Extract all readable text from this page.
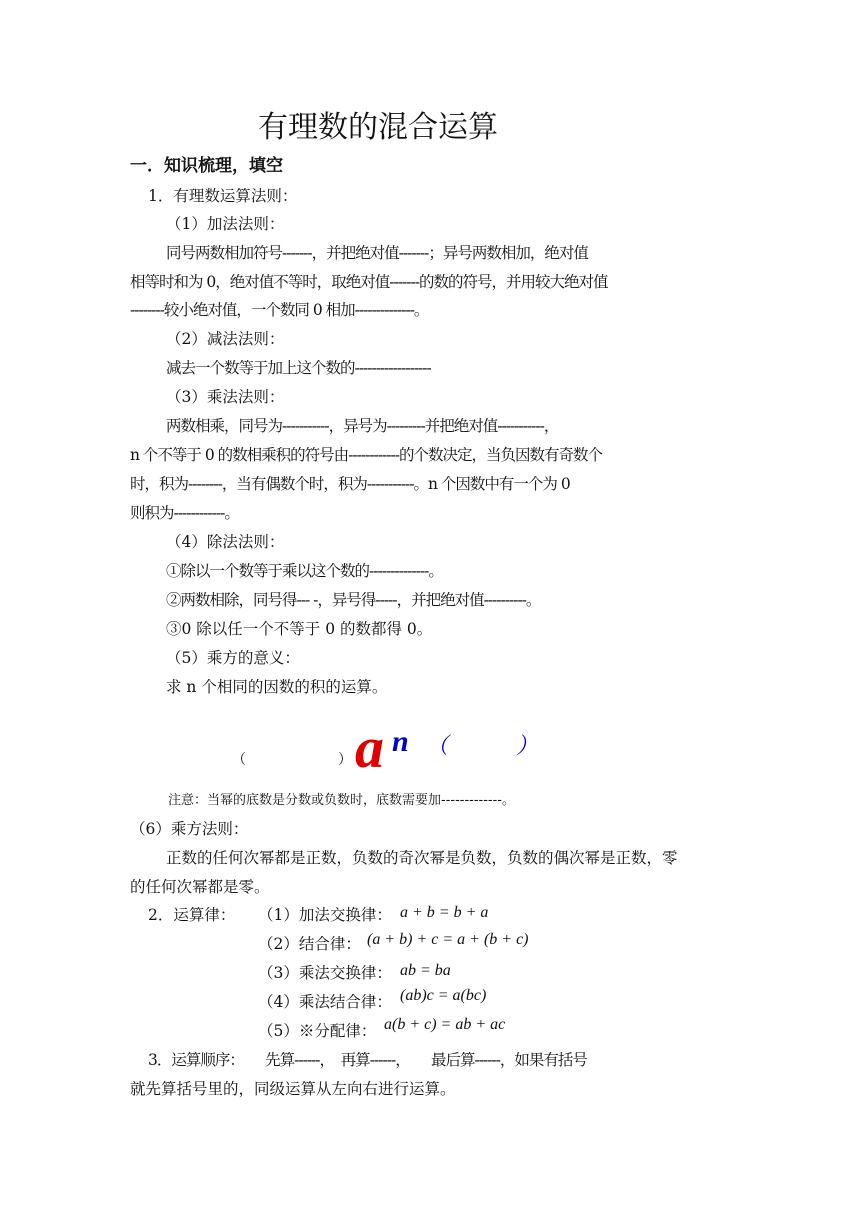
有理数的混合运算
一．知识梳理，填空
1．有理数运算法则：
（1）加法法则：
同号两数相加符号-------，并把绝对值-------；异号两数相加，绝对值
相等时和为 0，绝对值不等时，取绝对值-------的数的符号，并用较大绝对值
--------较小绝对值，一个数同 0 相加--------------。
（2）减法法则：
减去一个数等于加上这个数的------------------
（3）乘法法则：
两数相乘，同号为-----------，异号为---------并把绝对值-----------，
n 个不等于 0 的数相乘积的符号由------------的个数决定，当负因数有奇数个
时，积为--------，当有偶数个时，积为-----------。n 个因数中有一个为 0
则积为------------。
（4）除法法则：
①除以一个数等于乘以这个数的--------------。
②两数相除，同号得--- -，异号得-----，并把绝对值----------。
③0 除以任一个不等于 0 的数都得 0。
（5）乘方的意义：
求 n 个相同的因数的积的运算。
（	） a n （	）
注意：当幂的底数是分数或负数时，底数需要加-------------。
（6）乘方法则：
正数的任何次幂都是正数，负数的奇次幂是负数，负数的偶次幂是正数，零
的任何次幂都是零。
2．运算律： （1）加法交换律： a + b = b + a
（2）结合律： (a + b) + c = a + (b + c)
（3）乘法交换律： ab = ba
（4）乘法结合律： (ab)c = a(bc)
（5）※分配律： a(b + c) = ab + ac
3．运算顺序：　　先算------，　再算------，　　最后算------，如果有括号
就先算括号里的，同级运算从左向右进行运算。
